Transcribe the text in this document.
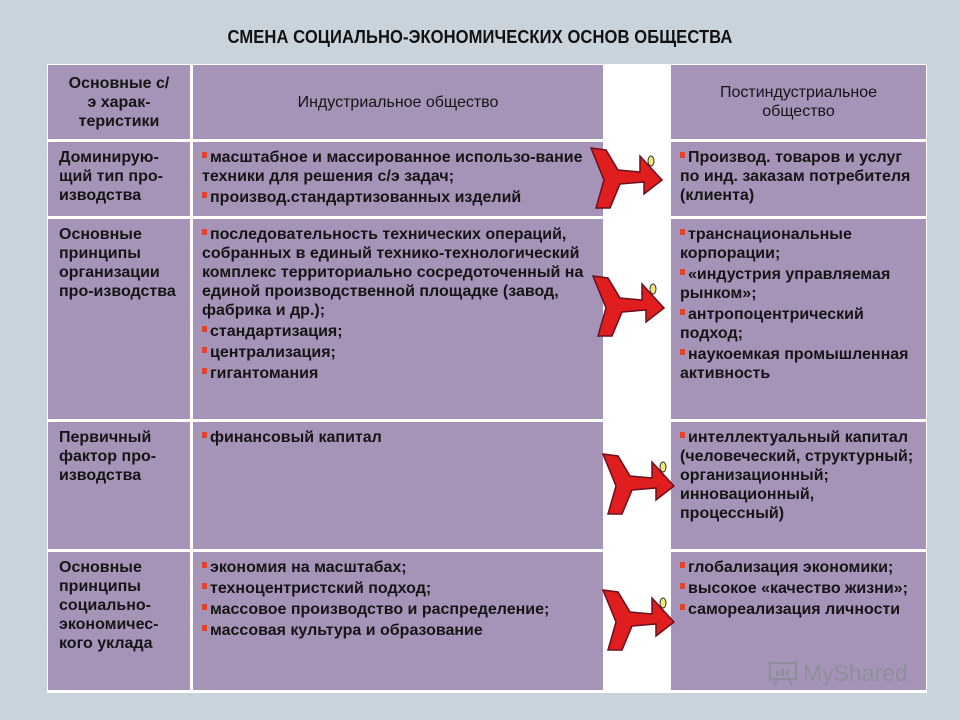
СМЕНА СОЦИАЛЬНО-ЭКОНОМИЧЕСКИХ ОСНОВ ОБЩЕСТВА
Основные с/э харак-теристики
Индустриальное общество
Постиндустриальное общество
Доминирую-щий тип про-изводства
масштабное и массированное использо-вание техники для решения с/э задач;
производ.стандартизованных изделий
Производ. товаров и услуг по инд. заказам потребителя (клиента)
Основные принципы организации про-изводства
последовательность технических операций, собранных в единый технико-технологический комплекс территориально сосредоточенный на единой производственной площадке (завод, фабрика и др.);
стандартизация;
централизация;
гигантомания
транснациональные корпорации;
«индустрия управляемая рынком»;
антропоцентрический подход;
наукоемкая промышленная активность
Первичный фактор про-изводства
финансовый капитал	интеллектуальный капитал (человеческий, структурный; организационный; инновационный, процессный)
Основные принципы социально-экономичес-кого уклада
экономия на масштабах;
техноцентристский подход;
массовое производство и распределение;
массовая культура и образование
глобализация экономики;
высокое «качество жизни»;
самореализация личности
MyShared
